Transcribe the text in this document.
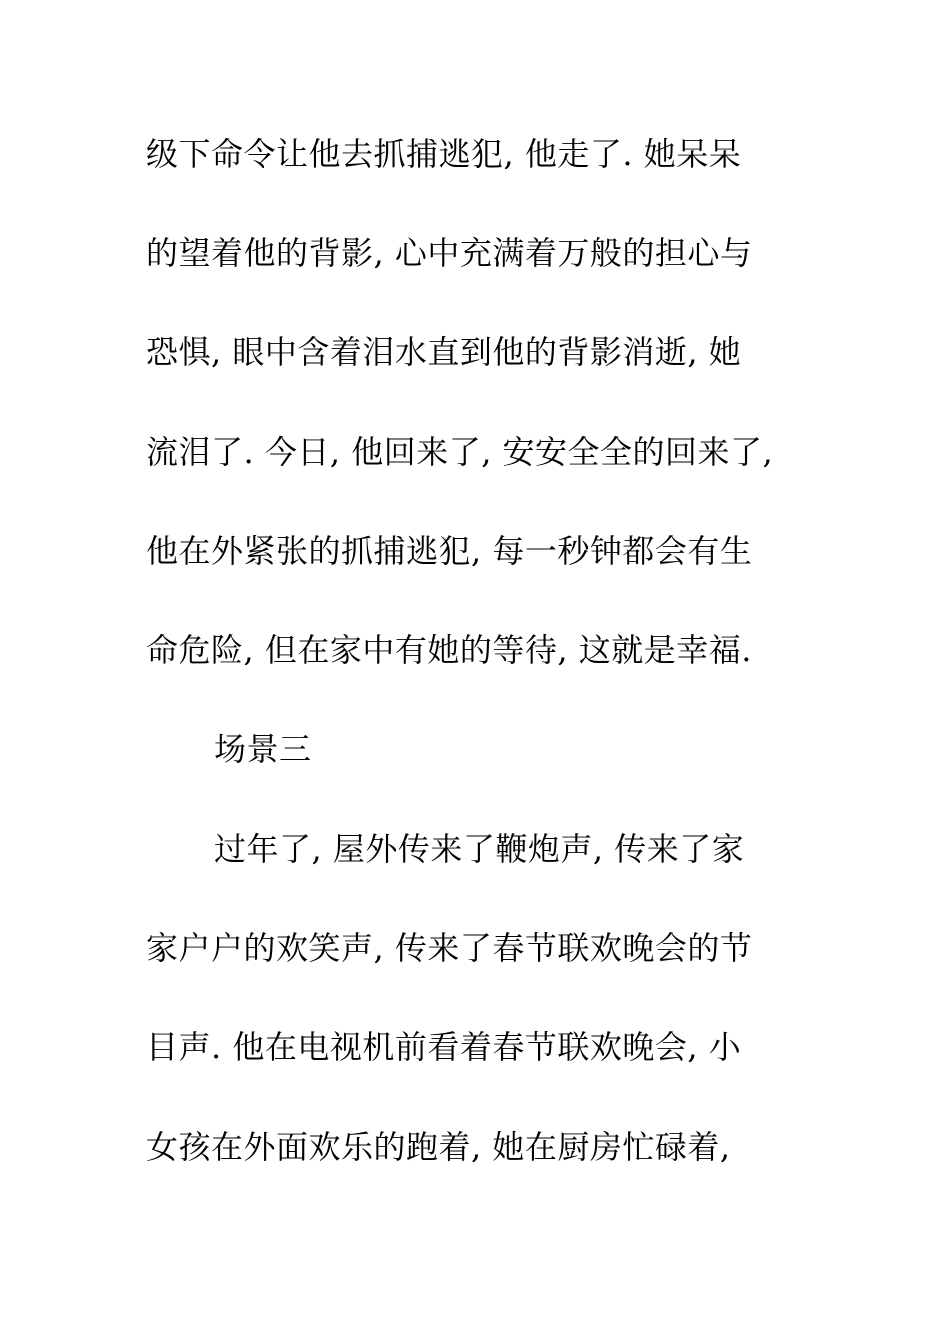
级下命令让他去抓捕逃犯, 他走了. 她呆呆
的望着他的背影, 心中充满着万般的担心与
恐惧, 眼中含着泪水直到他的背影消逝, 她
流泪了. 今日, 他回来了, 安安全全的回来了,
他在外紧张的抓捕逃犯, 每一秒钟都会有生
命危险, 但在家中有她的等待, 这就是幸福.
场景三
过年了, 屋外传来了鞭炮声, 传来了家
家户户的欢笑声, 传来了春节联欢晚会的节
目声. 他在电视机前看着春节联欢晚会, 小
女孩在外面欢乐的跑着, 她在厨房忙碌着,
